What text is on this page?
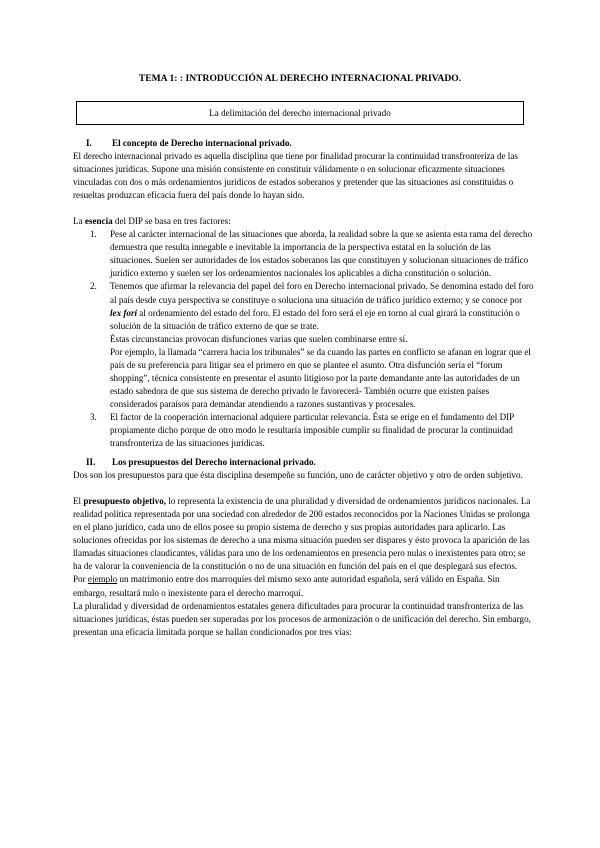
TEMA 1: : INTRODUCCIÓN AL DERECHO INTERNACIONAL PRIVADO.

La delimitación del derecho internacional privado
I.	El concepto de Derecho internacional privado.

El derecho internacional privado es aquella disciplina que tiene por finalidad procurar la continuidad transfronteriza de las situaciones jurídicas. Supone una misión consistente en constituir válidamente o en solucionar eficazmente situaciones vinculadas con dos o más ordenamientos jurídicos de estados soberanos y pretender que las situaciones así constituidas o resueltas produzcan eficacia fuera del país donde lo hayan sido.

La esencia del DIP se basa en tres factores:

1. Pese al carácter internacional de las situaciones que aborda, la realidad sobre la que se asienta esta rama del derecho demuestra que resulta innegable e inevitable la importancia de la perspectiva estatal en la solución de las situaciones. Suelen ser autoridades de los estados soberanos las que constituyen y solucionan situaciones de tráfico jurídico externo y suelen ser los ordenamientos nacionales los aplicables a dicha constitución o solución.
2. Tenemos que afirmar la relevancia del papel del foro en Derecho internacional privado. Se denomina estado del foro al país desde cuya perspectiva se constituye o soluciona una situación de tráfico jurídico externo; y se conoce por lex fori al ordenamiento del estado del foro. El estado del foro será el eje en torno al cual girará la constitución o solución de la situación de tráfico externo de que se trate.
Éstas circunstancias provocan disfunciones varias que suelen combinarse entre sí.
Por ejemplo, la llamada “carrera hacia los tribunales” se da cuando las partes en conflicto se afanan en lograr que el país de su preferencia para litigar sea el primero en que se plantee el asunto. Otra disfunción sería el “forum shopping”, técnica consistente en presentar el asunto litigioso por la parte demandante ante las autoridades de un estado sabedora de que sus sistema de derecho privado le favorecerá- También ocurre que existen países considerados paraísos para demandar atendiendo a razones sustantivas y procesales.
3. El factor de la cooperación internacional adquiere particular relevancia. Ésta se erige en el fundamento del DIP propiamente dicho porque de otro modo le resultaría imposible cumplir su finalidad de procurar la continuidad transfronteriza de las situaciones jurídicas.
II.	Los presupuestos del Derecho internacional privado.

Dos son los presupuestos para que ésta disciplina desempeñe su función, uno de carácter objetivo y otro de orden subjetivo.

El presupuesto objetivo, lo representa la existencia de una pluralidad y diversidad de ordenamientos jurídicos nacionales. La realidad política representada por una sociedad con alrededor de 200 estados reconocidos por la Naciones Unidas se prolonga en el plano jurídico, cada uno de ellos posee su propio sistema de derecho y sus propias autoridades para aplicarlo. Las soluciones ofrecidas por los sistemas de derecho a una misma situación pueden ser dispares y ésto provoca la aparición de las llamadas situaciones claudicantes, válidas para uno de los ordenamientos en presencia pero nulas o inexistentes para otro; se ha de valorar la conveniencia de la constitución o no de una situación en función del país en el que desplegará sus efectos.

Por ejemplo un matrimonio entre dos marroquíes del mismo sexo ante autoridad española, será válido en España. Sin embargo, resultará nulo o inexistente para el derecho marroquí.

La pluralidad y diversidad de ordenamientos estatales genera dificultades para procurar la continuidad transfronteriza de las situaciones jurídicas, éstas pueden ser superadas por los procesos de armonización o de unificación del derecho. Sin embargo, presentan una eficacia limitada porque se hallan condicionados por tres vías:
